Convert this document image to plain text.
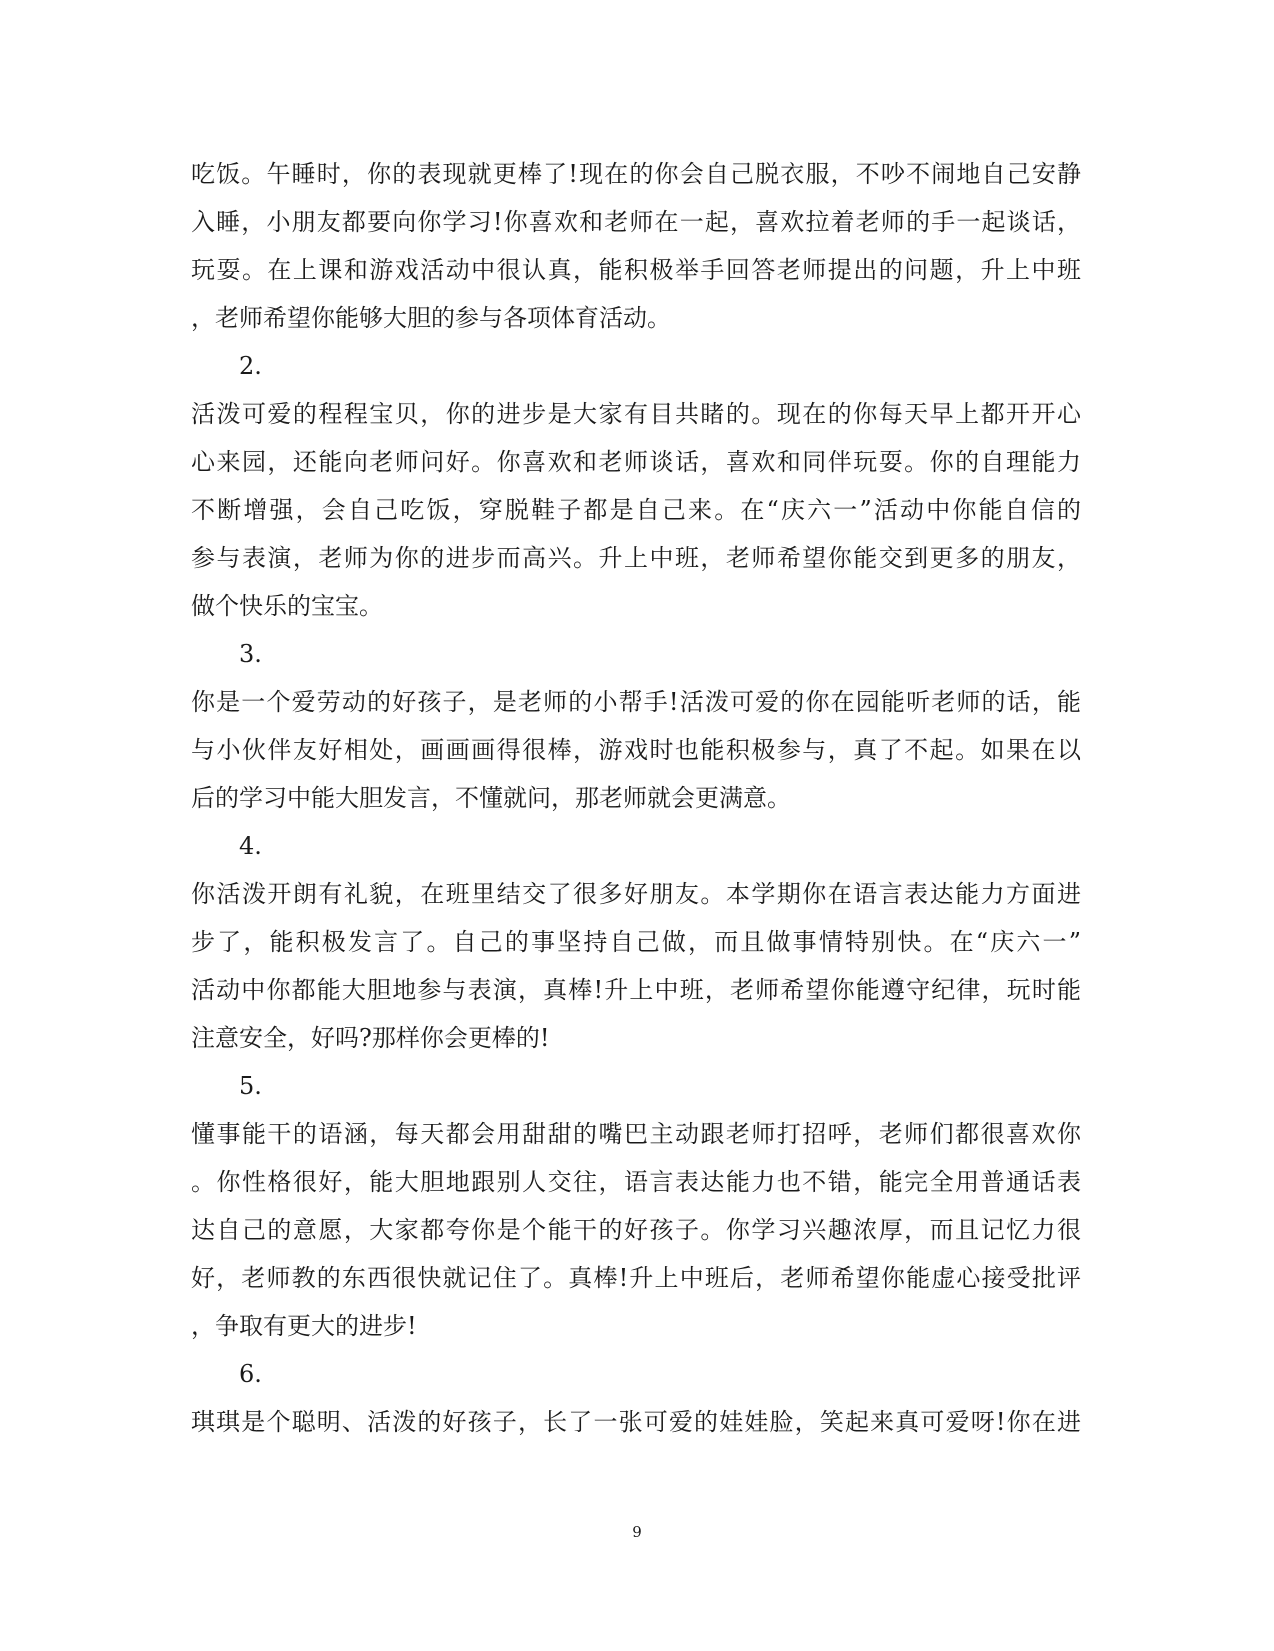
吃饭。午睡时，你的表现就更棒了!现在的你会自己脱衣服，不吵不闹地自己安静
入睡，小朋友都要向你学习!你喜欢和老师在一起，喜欢拉着老师的手一起谈话，
玩耍。在上课和游戏活动中很认真，能积极举手回答老师提出的问题，升上中班
，老师希望你能够大胆的参与各项体育活动。
2.
活泼可爱的程程宝贝，你的进步是大家有目共睹的。现在的你每天早上都开开心
心来园，还能向老师问好。你喜欢和老师谈话，喜欢和同伴玩耍。你的自理能力
不断增强，会自己吃饭，穿脱鞋子都是自己来。在“庆六一”活动中你能自信的
参与表演，老师为你的进步而高兴。升上中班，老师希望你能交到更多的朋友，
做个快乐的宝宝。
3.
你是一个爱劳动的好孩子，是老师的小帮手!活泼可爱的你在园能听老师的话，能
与小伙伴友好相处，画画画得很棒，游戏时也能积极参与，真了不起。如果在以
后的学习中能大胆发言，不懂就问，那老师就会更满意。
4.
你活泼开朗有礼貌，在班里结交了很多好朋友。本学期你在语言表达能力方面进
步了，能积极发言了。自己的事坚持自己做，而且做事情特别快。在“庆六一”
活动中你都能大胆地参与表演，真棒!升上中班，老师希望你能遵守纪律，玩时能
注意安全，好吗?那样你会更棒的!
5.
懂事能干的语涵，每天都会用甜甜的嘴巴主动跟老师打招呼，老师们都很喜欢你
。你性格很好，能大胆地跟别人交往，语言表达能力也不错，能完全用普通话表
达自己的意愿，大家都夸你是个能干的好孩子。你学习兴趣浓厚，而且记忆力很
好，老师教的东西很快就记住了。真棒!升上中班后，老师希望你能虚心接受批评
，争取有更大的进步!
6.
琪琪是个聪明、活泼的好孩子，长了一张可爱的娃娃脸，笑起来真可爱呀!你在进
9
